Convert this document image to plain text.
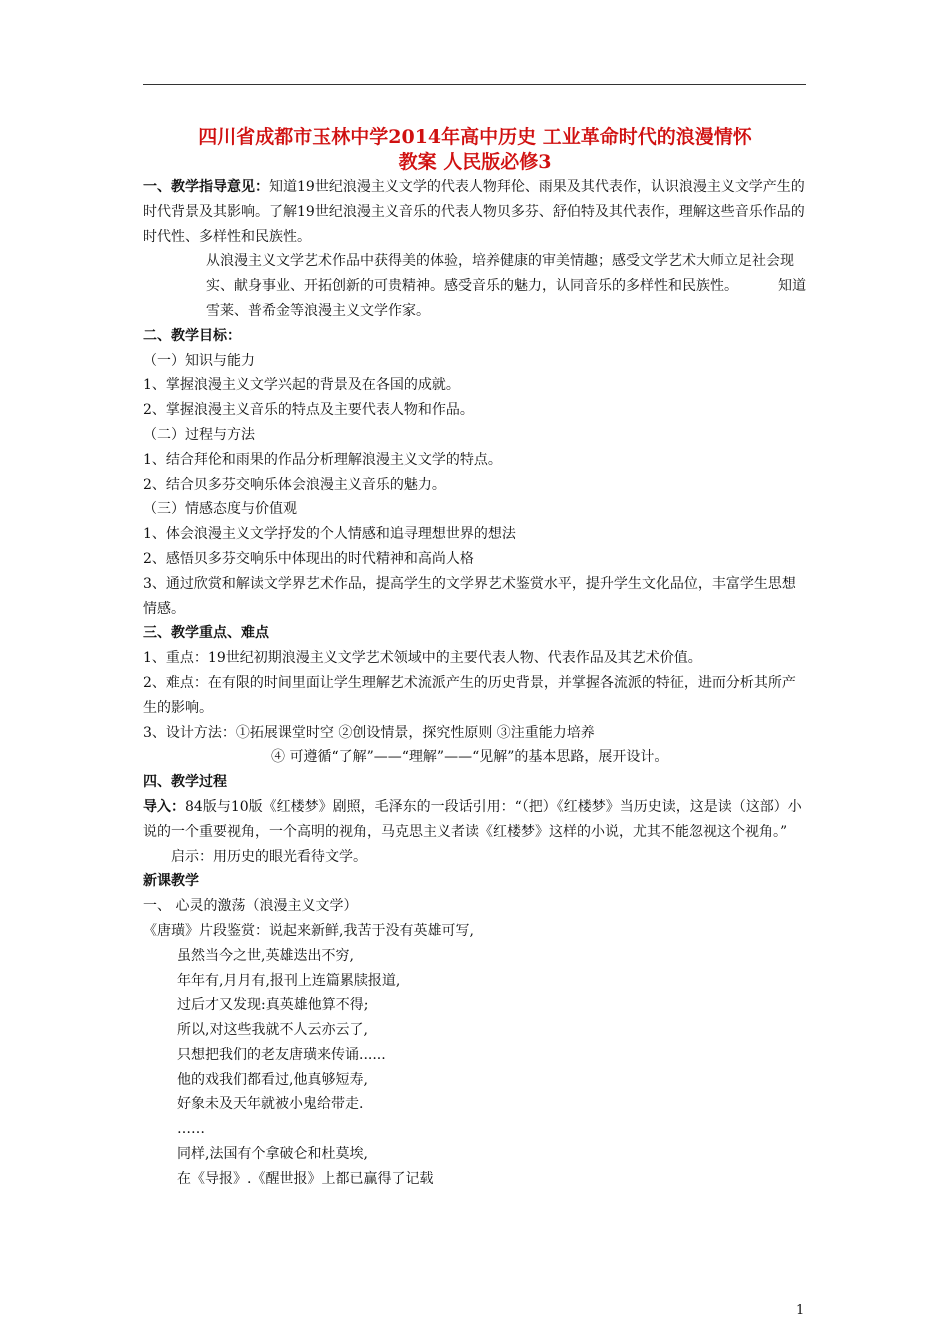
四川省成都市玉林中学2014年高中历史 工业革命时代的浪漫情怀
教案 人民版必修3

一、教学指导意见：知道19世纪浪漫主义文学的代表人物拜伦、雨果及其代表作，认识浪漫主义文学产生的时代背景及其影响。了解19世纪浪漫主义音乐的代表人物贝多芬、舒伯特及其代表作，理解这些音乐作品的时代性、多样性和民族性。

从浪漫主义文学艺术作品中获得美的体验，培养健康的审美情趣；感受文学艺术大师立足社会现实、献身事业、开拓创新的可贵精神。感受音乐的魅力，认同音乐的多样性和民族性。	知道雪莱、普希金等浪漫主义文学作家。

二、教学目标：

（一）知识与能力

1、掌握浪漫主义文学兴起的背景及在各国的成就。

2、掌握浪漫主义音乐的特点及主要代表人物和作品。

（二）过程与方法

1、结合拜伦和雨果的作品分析理解浪漫主义文学的特点。

2、结合贝多芬交响乐体会浪漫主义音乐的魅力。

（三）情感态度与价值观

1、体会浪漫主义文学抒发的个人情感和追寻理想世界的想法

2、感悟贝多芬交响乐中体现出的时代精神和高尚人格

3、通过欣赏和解读文学界艺术作品，提高学生的文学界艺术鉴赏水平，提升学生文化品位，丰富学生思想情感。

三、教学重点、难点

1、重点：19世纪初期浪漫主义文学艺术领域中的主要代表人物、代表作品及其艺术价值。

2、难点：在有限的时间里面让学生理解艺术流派产生的历史背景，并掌握各流派的特征，进而分析其所产生的影响。

3、设计方法：①拓展课堂时空 ②创设情景，探究性原则 ③注重能力培养

④ 可遵循“了解”——“理解”——“见解”的基本思路，展开设计。

四、教学过程

导入：84版与10版《红楼梦》剧照，毛泽东的一段话引用：“（把）《红楼梦》当历史读，这是读（这部）小说的一个重要视角，一个高明的视角，马克思主义者读《红楼梦》这样的小说，尤其不能忽视这个视角。”

启示：用历史的眼光看待文学。

新课教学

一、 心灵的激荡（浪漫主义文学）

《唐璜》片段鉴赏：说起来新鲜,我苦于没有英雄可写,

虽然当今之世,英雄迭出不穷,

年年有,月月有,报刊上连篇累牍报道,

过后才又发现:真英雄他算不得;

所以,对这些我就不人云亦云了,

只想把我们的老友唐璜来传诵......

他的戏我们都看过,他真够短寿,

好象未及天年就被小鬼给带走.

……

同样,法国有个拿破仑和杜莫埃,

在《导报》.《醒世报》上都已赢得了记载

1
